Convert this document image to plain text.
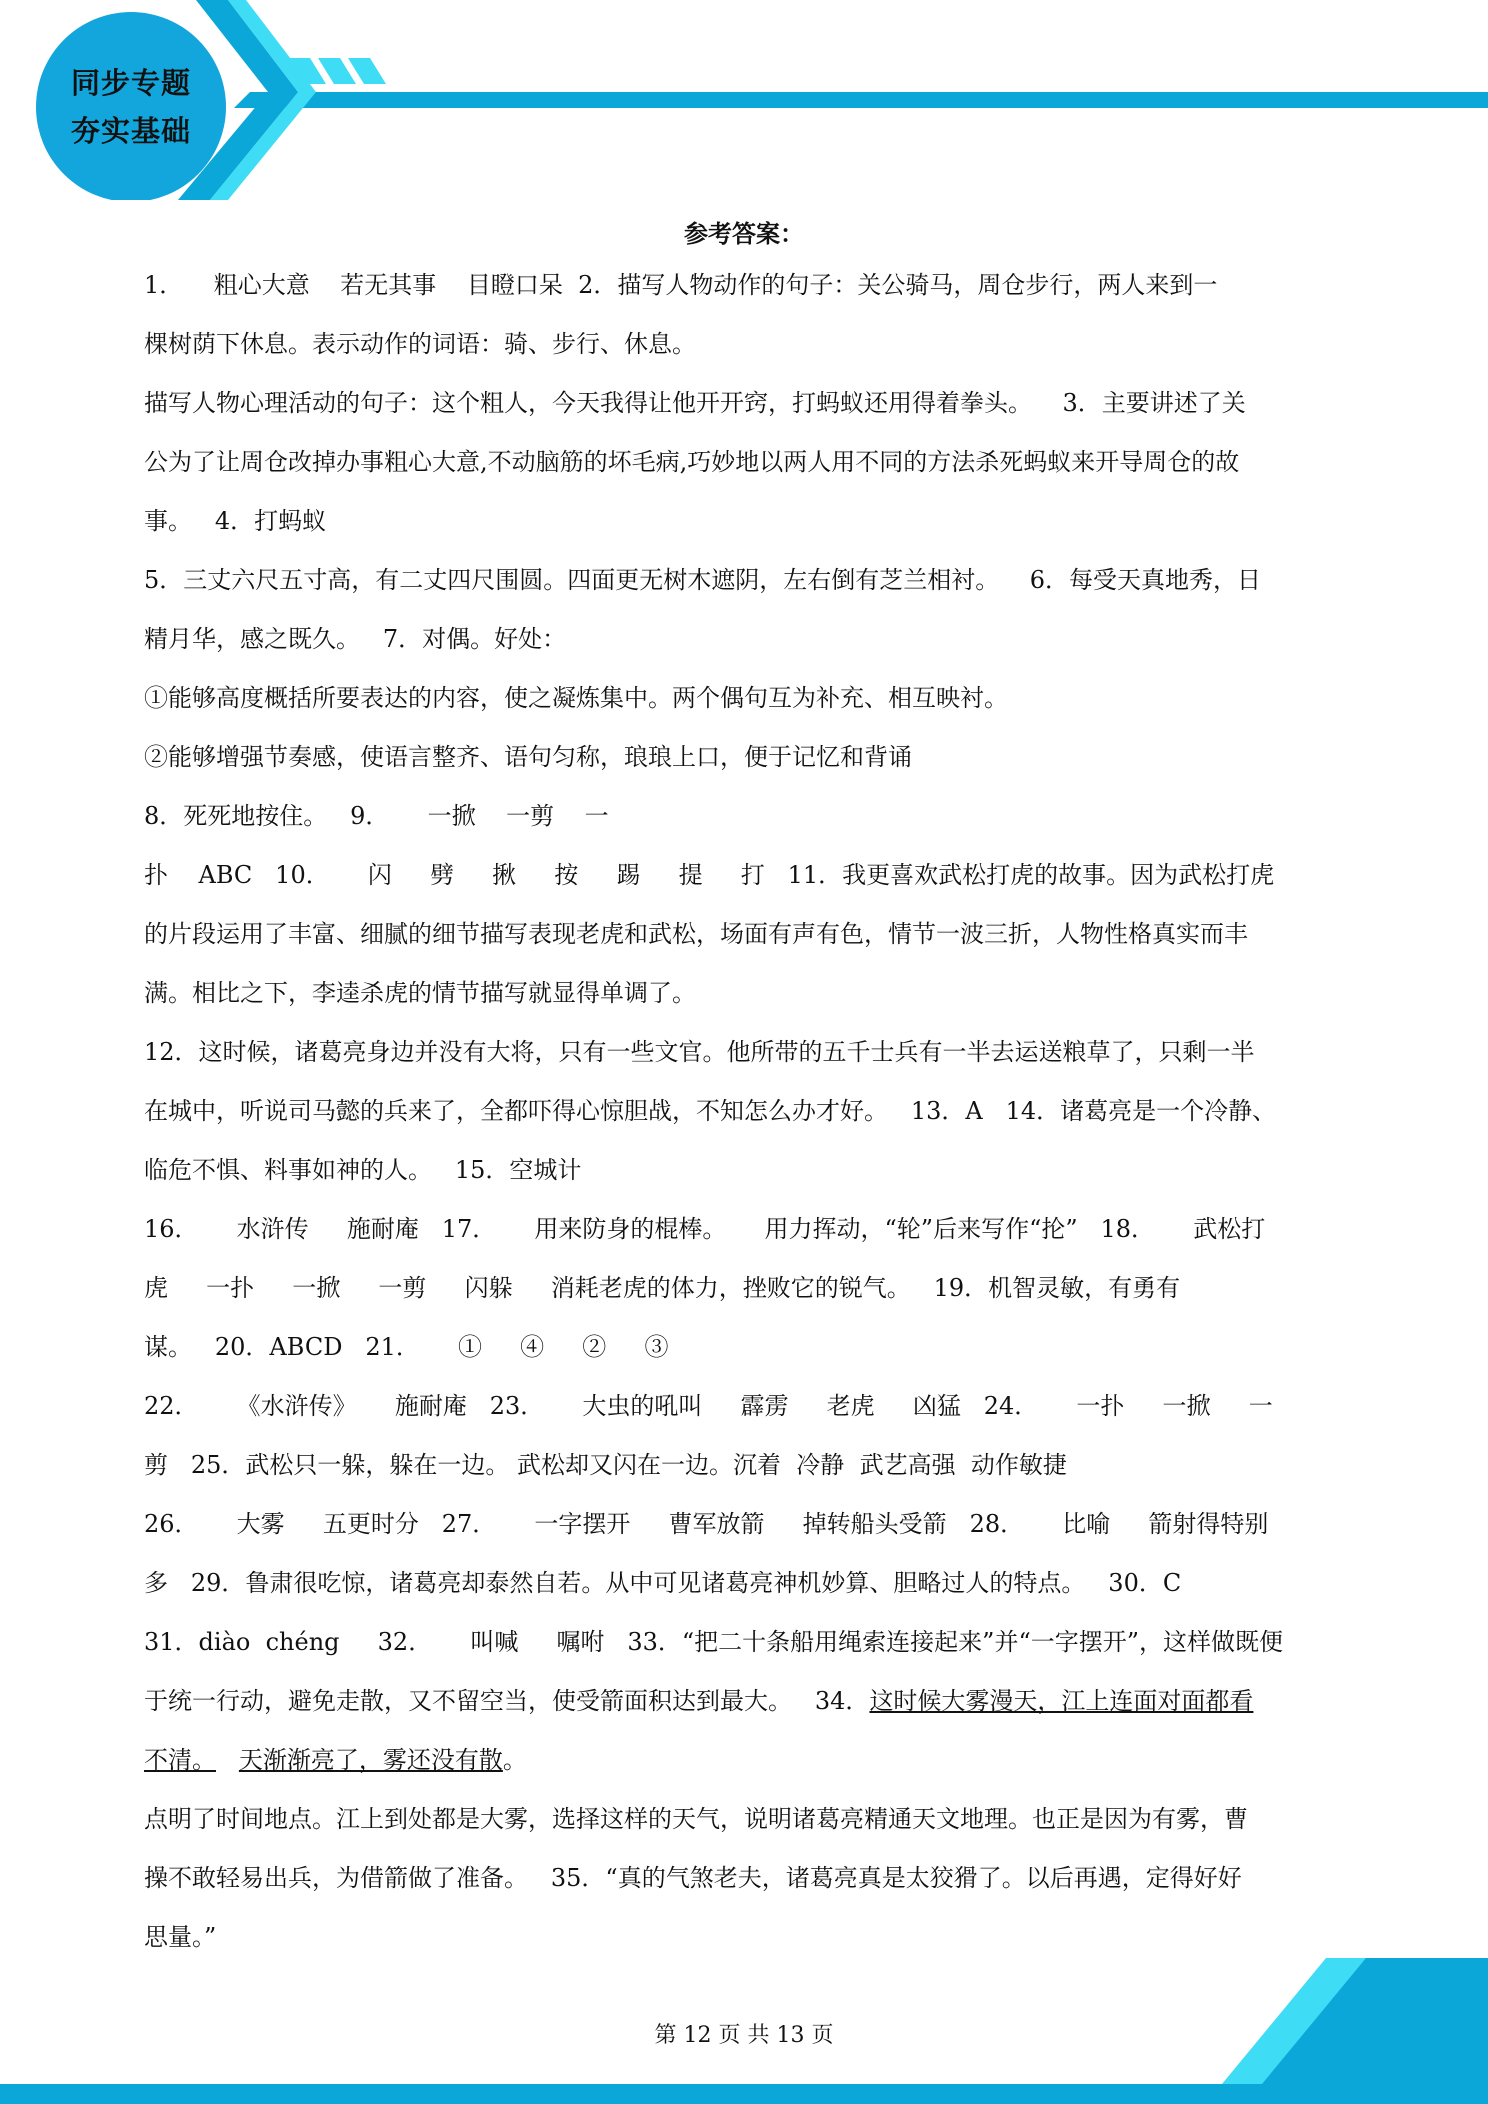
同步专题
夯实基础
参考答案：
1．    粗心大意    若无其事    目瞪口呆  2．描写人物动作的句子：关公骑马，周仓步行，两人来到一
棵树荫下休息。表示动作的词语：骑、步行、休息。
描写人物心理活动的句子：这个粗人，今天我得让他开开窍，打蚂蚁还用得着拳头。    3．主要讲述了关
公为了让周仓改掉办事粗心大意,不动脑筋的坏毛病,巧妙地以两人用不同的方法杀死蚂蚁来开导周仓的故
事。   4．打蚂蚁
5．三丈六尺五寸高，有二丈四尺围圆。四面更无树木遮阴，左右倒有芝兰相衬。    6．每受天真地秀，日
精月华，感之既久。   7．对偶。好处：
①能够高度概括所要表达的内容，使之凝炼集中。两个偶句互为补充、相互映衬。
②能够增强节奏感，使语言整齐、语句匀称，琅琅上口，便于记忆和背诵
8．死死地按住。   9．     一掀    一剪    一
扑    ABC   10．     闪     劈     揪     按     踢     提     打   11．我更喜欢武松打虎的故事。因为武松打虎
的片段运用了丰富、细腻的细节描写表现老虎和武松，场面有声有色，情节一波三折，人物性格真实而丰
满。相比之下，李逵杀虎的情节描写就显得单调了。
12．这时候，诸葛亮身边并没有大将，只有一些文官。他所带的五千士兵有一半去运送粮草了，只剩一半
在城中，听说司马懿的兵来了，全都吓得心惊胆战，不知怎么办才好。   13．A   14．诸葛亮是一个冷静、
临危不惧、料事如神的人。   15．空城计
16．     水浒传     施耐庵   17．     用来防身的棍棒。     用力挥动，“轮”后来写作“抡”   18．     武松打
虎     一扑     一掀     一剪     闪躲     消耗老虎的体力，挫败它的锐气。   19．机智灵敏，有勇有
谋。   20．ABCD   21．     ①     ④     ②     ③
22．     《水浒传》     施耐庵   23．     大虫的吼叫     霹雳     老虎     凶猛   24．     一扑     一掀     一
剪   25．武松只一躲，躲在一边。 武松却又闪在一边。沉着  冷静  武艺高强  动作敏捷
26．     大雾     五更时分   27．     一字摆开     曹军放箭     掉转船头受箭   28．     比喻     箭射得特别
多   29．鲁肃很吃惊，诸葛亮却泰然自若。从中可见诸葛亮神机妙算、胆略过人的特点。   30．C
31．diào  chéng     32．     叫喊     嘱咐   33．“把二十条船用绳索连接起来”并“一字摆开”，这样做既便
于统一行动，避免走散，又不留空当，使受箭面积达到最大。   34．这时候大雾漫天，江上连面对面都看
不清。 天渐渐亮了，雾还没有散。
点明了时间地点。江上到处都是大雾，选择这样的天气，说明诸葛亮精通天文地理。也正是因为有雾，曹
操不敢轻易出兵，为借箭做了准备。   35．“真的气煞老夫，诸葛亮真是太狡猾了。以后再遇，定得好好
思量。”
第 12 页 共 13 页
